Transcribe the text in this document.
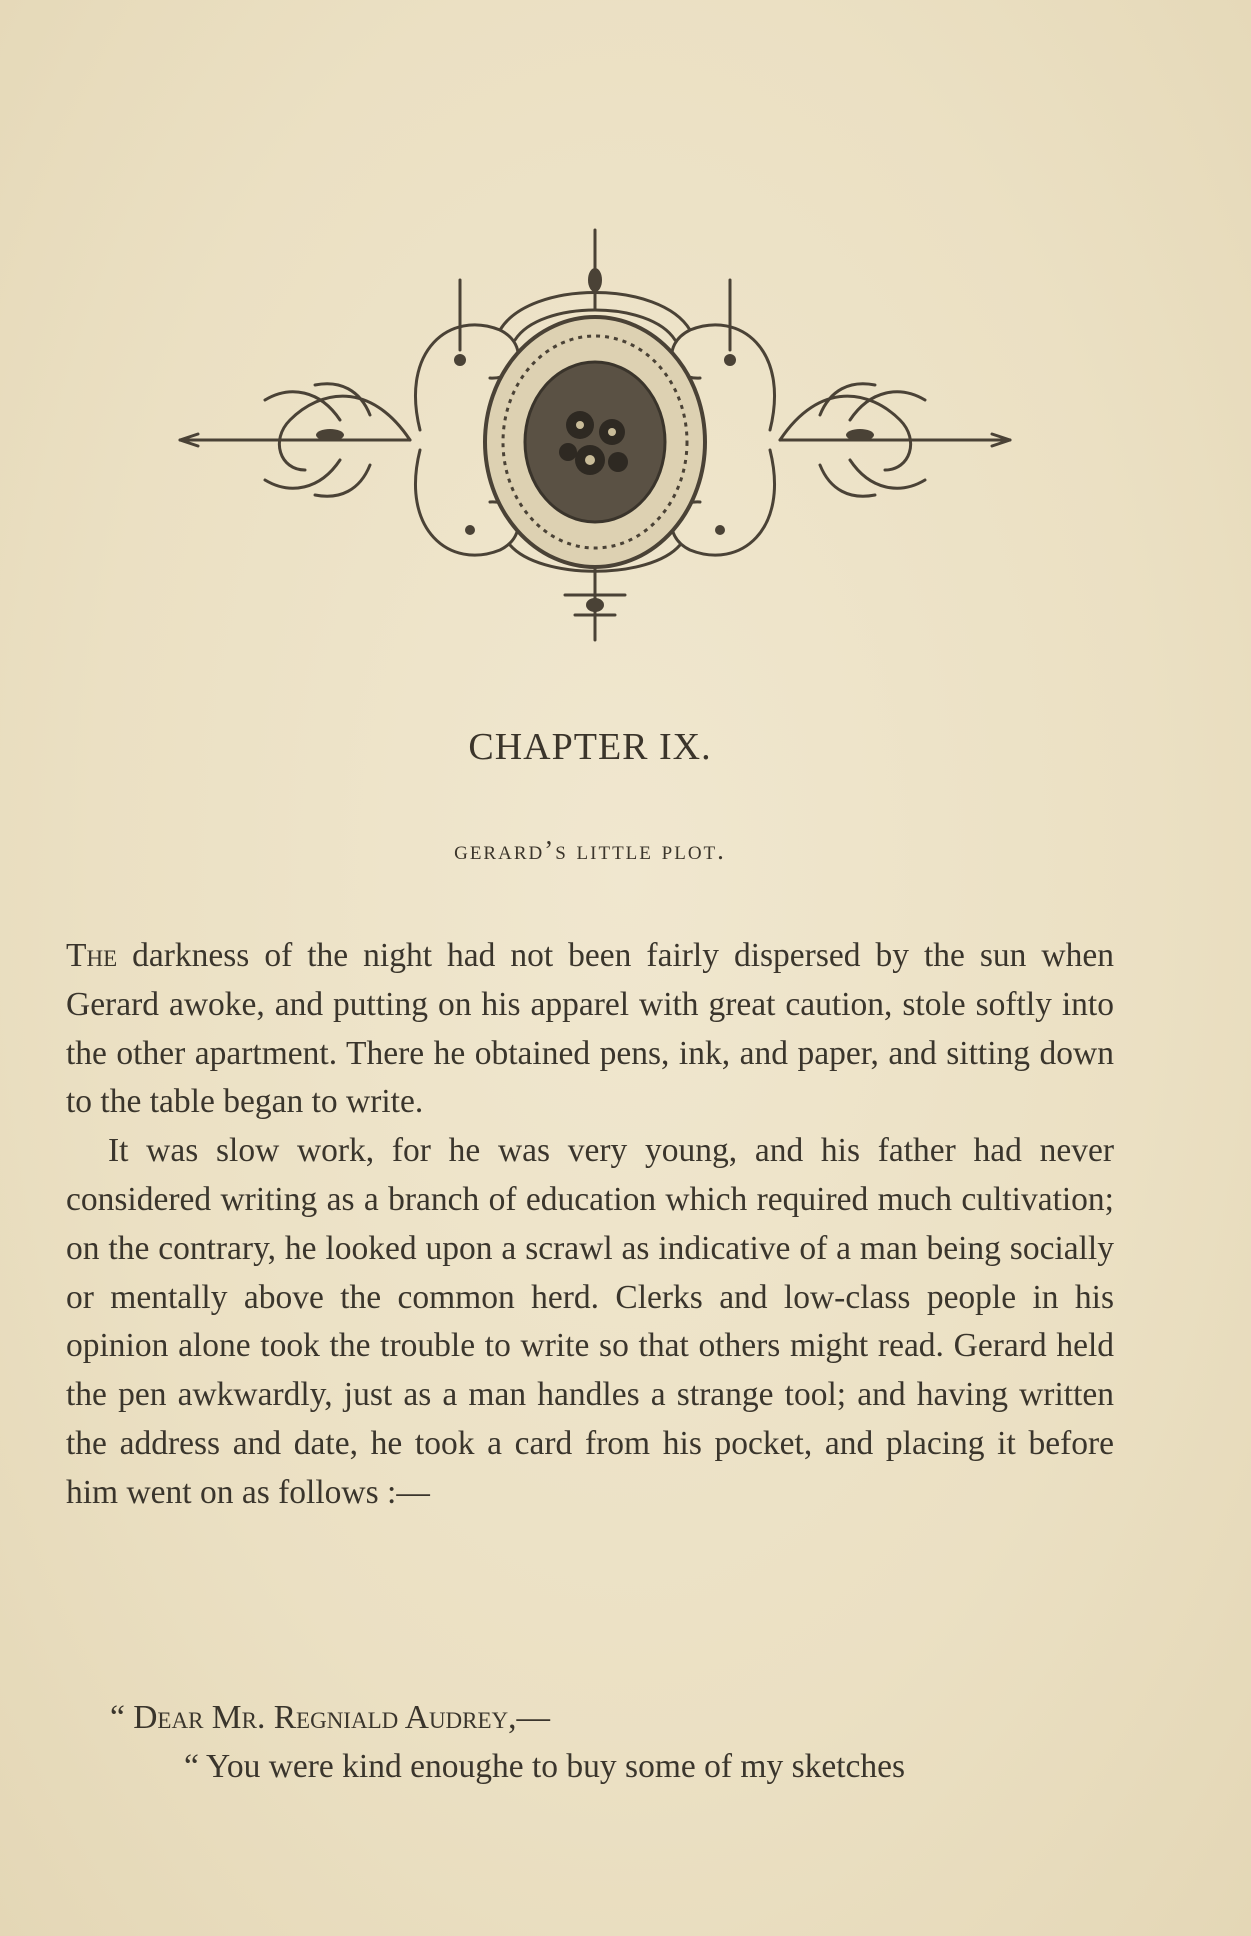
CHAPTER IX.
gerard’s little plot.

The darkness of the night had not been fairly dispersed by the sun when Gerard awoke, and putting on his apparel with great caution, stole softly into the other apartment. There he obtained pens, ink, and paper, and sitting down to the table began to write.

It was slow work, for he was very young, and his father had never considered writing as a branch of education which required much cultivation; on the contrary, he looked upon a scrawl as indicative of a man being socially or mentally above the common herd. Clerks and low-class people in his opinion alone took the trouble to write so that others might read. Gerard held the pen awkwardly, just as a man handles a strange tool; and having written the address and date, he took a card from his pocket, and placing it before him went on as follows :—

“ Dear Mr. Regniald Audrey,—

“ You were kind enoughe to buy some of my sketches
